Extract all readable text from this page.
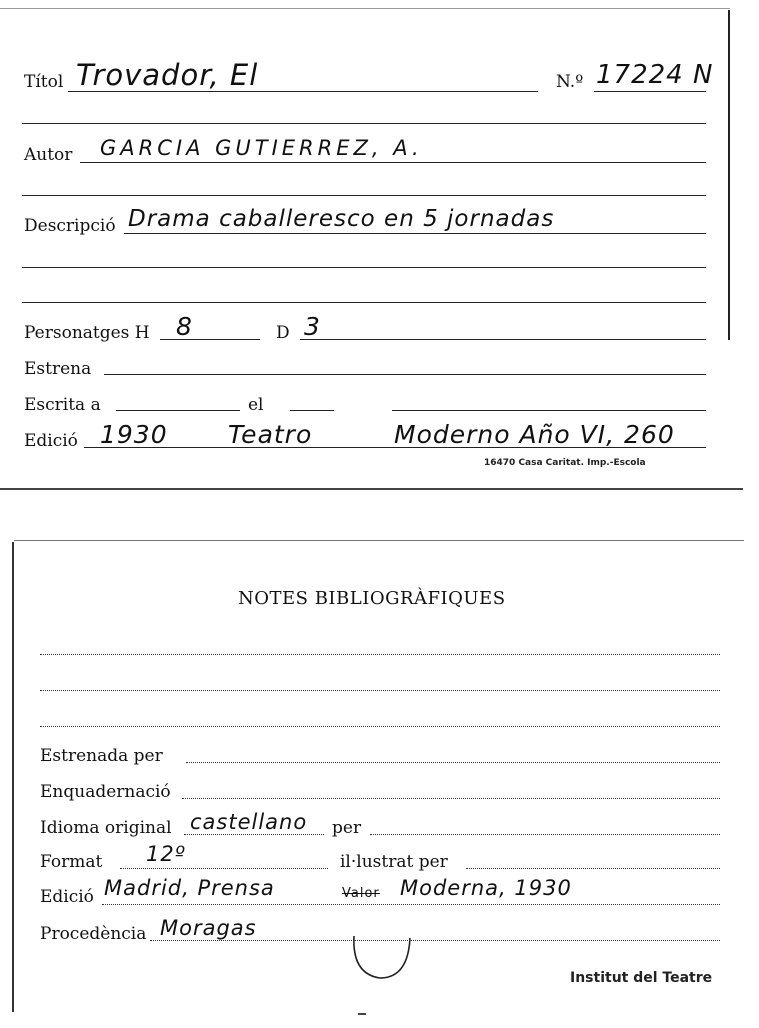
Títol Trovador, El	N.º 17224 N
Autor GARCIA GUTIERREZ, A.
Descripció Drama caballeresco en 5 jornadas
Personatges H 8	D 3
Estrena
Escrita a	el
Edició 1930 Teatro	Moderno Año VI, 260
16470 Casa Caritat. Imp.-Escola
NOTES BIBLIOGRÀFIQUES
Estrenada per
Enquadernació
Idioma original castellano per
Format 12º	il·lustrat per
Edició Madrid, Prensa	Valor Moderna, 1930
Procedència Moragas
Institut del Teatre
